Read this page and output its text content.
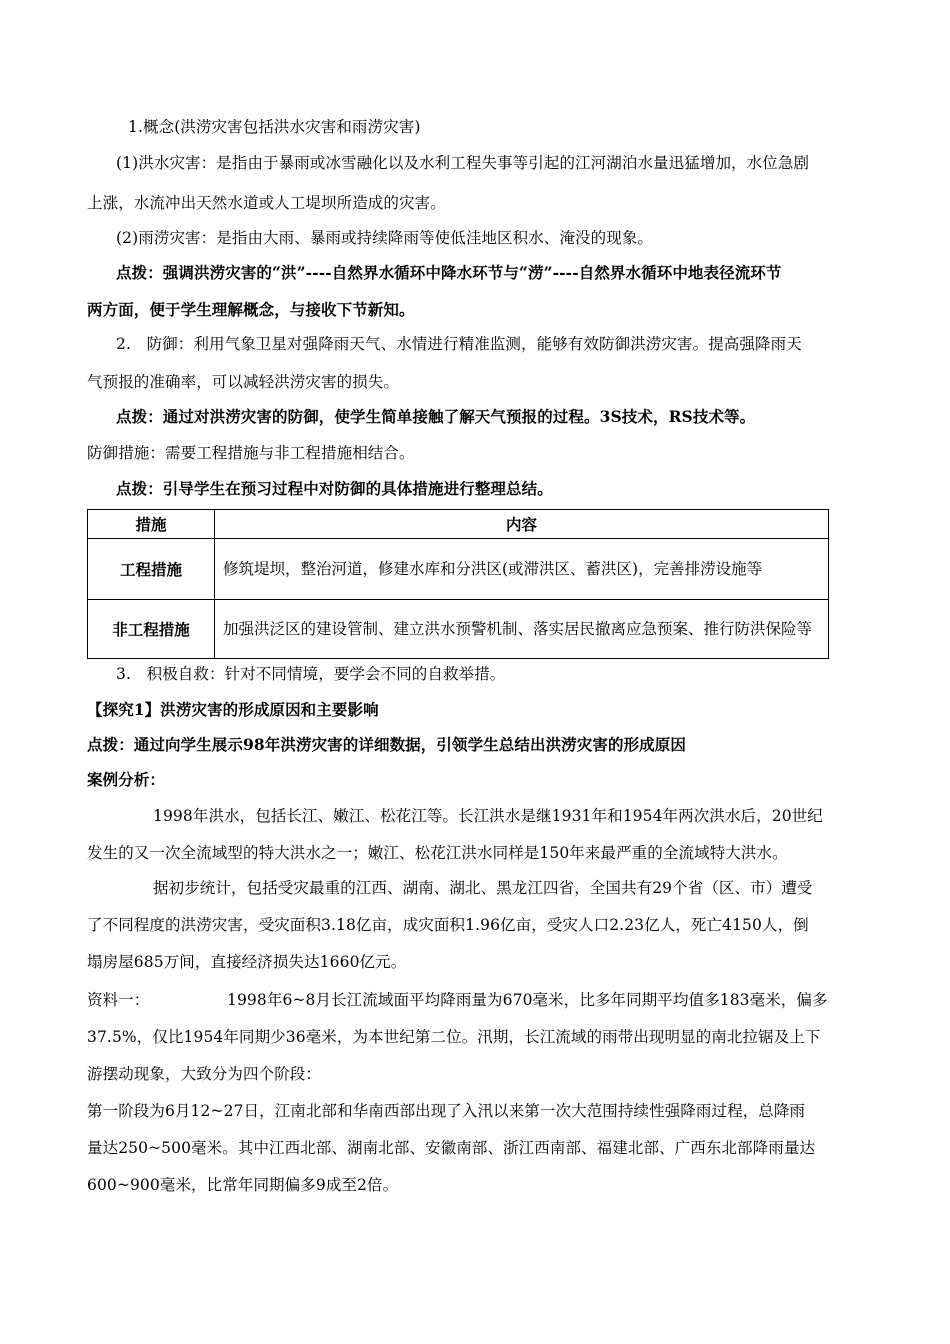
1.概念(洪涝灾害包括洪水灾害和雨涝灾害)
(1)洪水灾害：是指由于暴雨或冰雪融化以及水利工程失事等引起的江河湖泊水量迅猛增加，水位急剧
上涨，水流冲出天然水道或人工堤坝所造成的灾害。
(2)雨涝灾害：是指由大雨、暴雨或持续降雨等使低洼地区积水、淹没的现象。
点拨：强调洪涝灾害的“洪”----自然界水循环中降水环节与“涝”----自然界水循环中地表径流环节
两方面，便于学生理解概念，与接收下节新知。
2.　防御：利用气象卫星对强降雨天气、水情进行精准监测，能够有效防御洪涝灾害。提高强降雨天
气预报的准确率，可以减轻洪涝灾害的损失。
点拨：通过对洪涝灾害的防御，使学生简单接触了解天气预报的过程。3S技术，RS技术等。
防御措施：需要工程措施与非工程措施相结合。
点拨：引导学生在预习过程中对防御的具体措施进行整理总结。
措施	内容
工程措施	修筑堤坝，整治河道，修建水库和分洪区(或滞洪区、蓄洪区)，完善排涝设施等
非工程措施	加强洪泛区的建设管制、建立洪水预警机制、落实居民撤离应急预案、推行防洪保险等
3.　积极自救：针对不同情境，要学会不同的自救举措。
【探究1】洪涝灾害的形成原因和主要影响
点拨：通过向学生展示98年洪涝灾害的详细数据，引领学生总结出洪涝灾害的形成原因
案例分析：
1998年洪水，包括长江、嫩江、松花江等。长江洪水是继1931年和1954年两次洪水后，20世纪
发生的又一次全流域型的特大洪水之一；嫩江、松花江洪水同样是150年来最严重的全流域特大洪水。
据初步统计，包括受灾最重的江西、湖南、湖北、黑龙江四省，全国共有29个省（区、市）遭受
了不同程度的洪涝灾害，受灾面积3.18亿亩，成灾面积1.96亿亩，受灾人口2.23亿人，死亡4150人，倒
塌房屋685万间，直接经济损失达1660亿元。
资料一：	1998年6~8月长江流域面平均降雨量为670毫米，比多年同期平均值多183毫米，偏多
37.5%，仅比1954年同期少36毫米，为本世纪第二位。汛期，长江流域的雨带出现明显的南北拉锯及上下
游摆动现象，大致分为四个阶段：
第一阶段为6月12~27日，江南北部和华南西部出现了入汛以来第一次大范围持续性强降雨过程，总降雨
量达250~500毫米。其中江西北部、湖南北部、安徽南部、浙江西南部、福建北部、广西东北部降雨量达
600~900毫米，比常年同期偏多9成至2倍。
